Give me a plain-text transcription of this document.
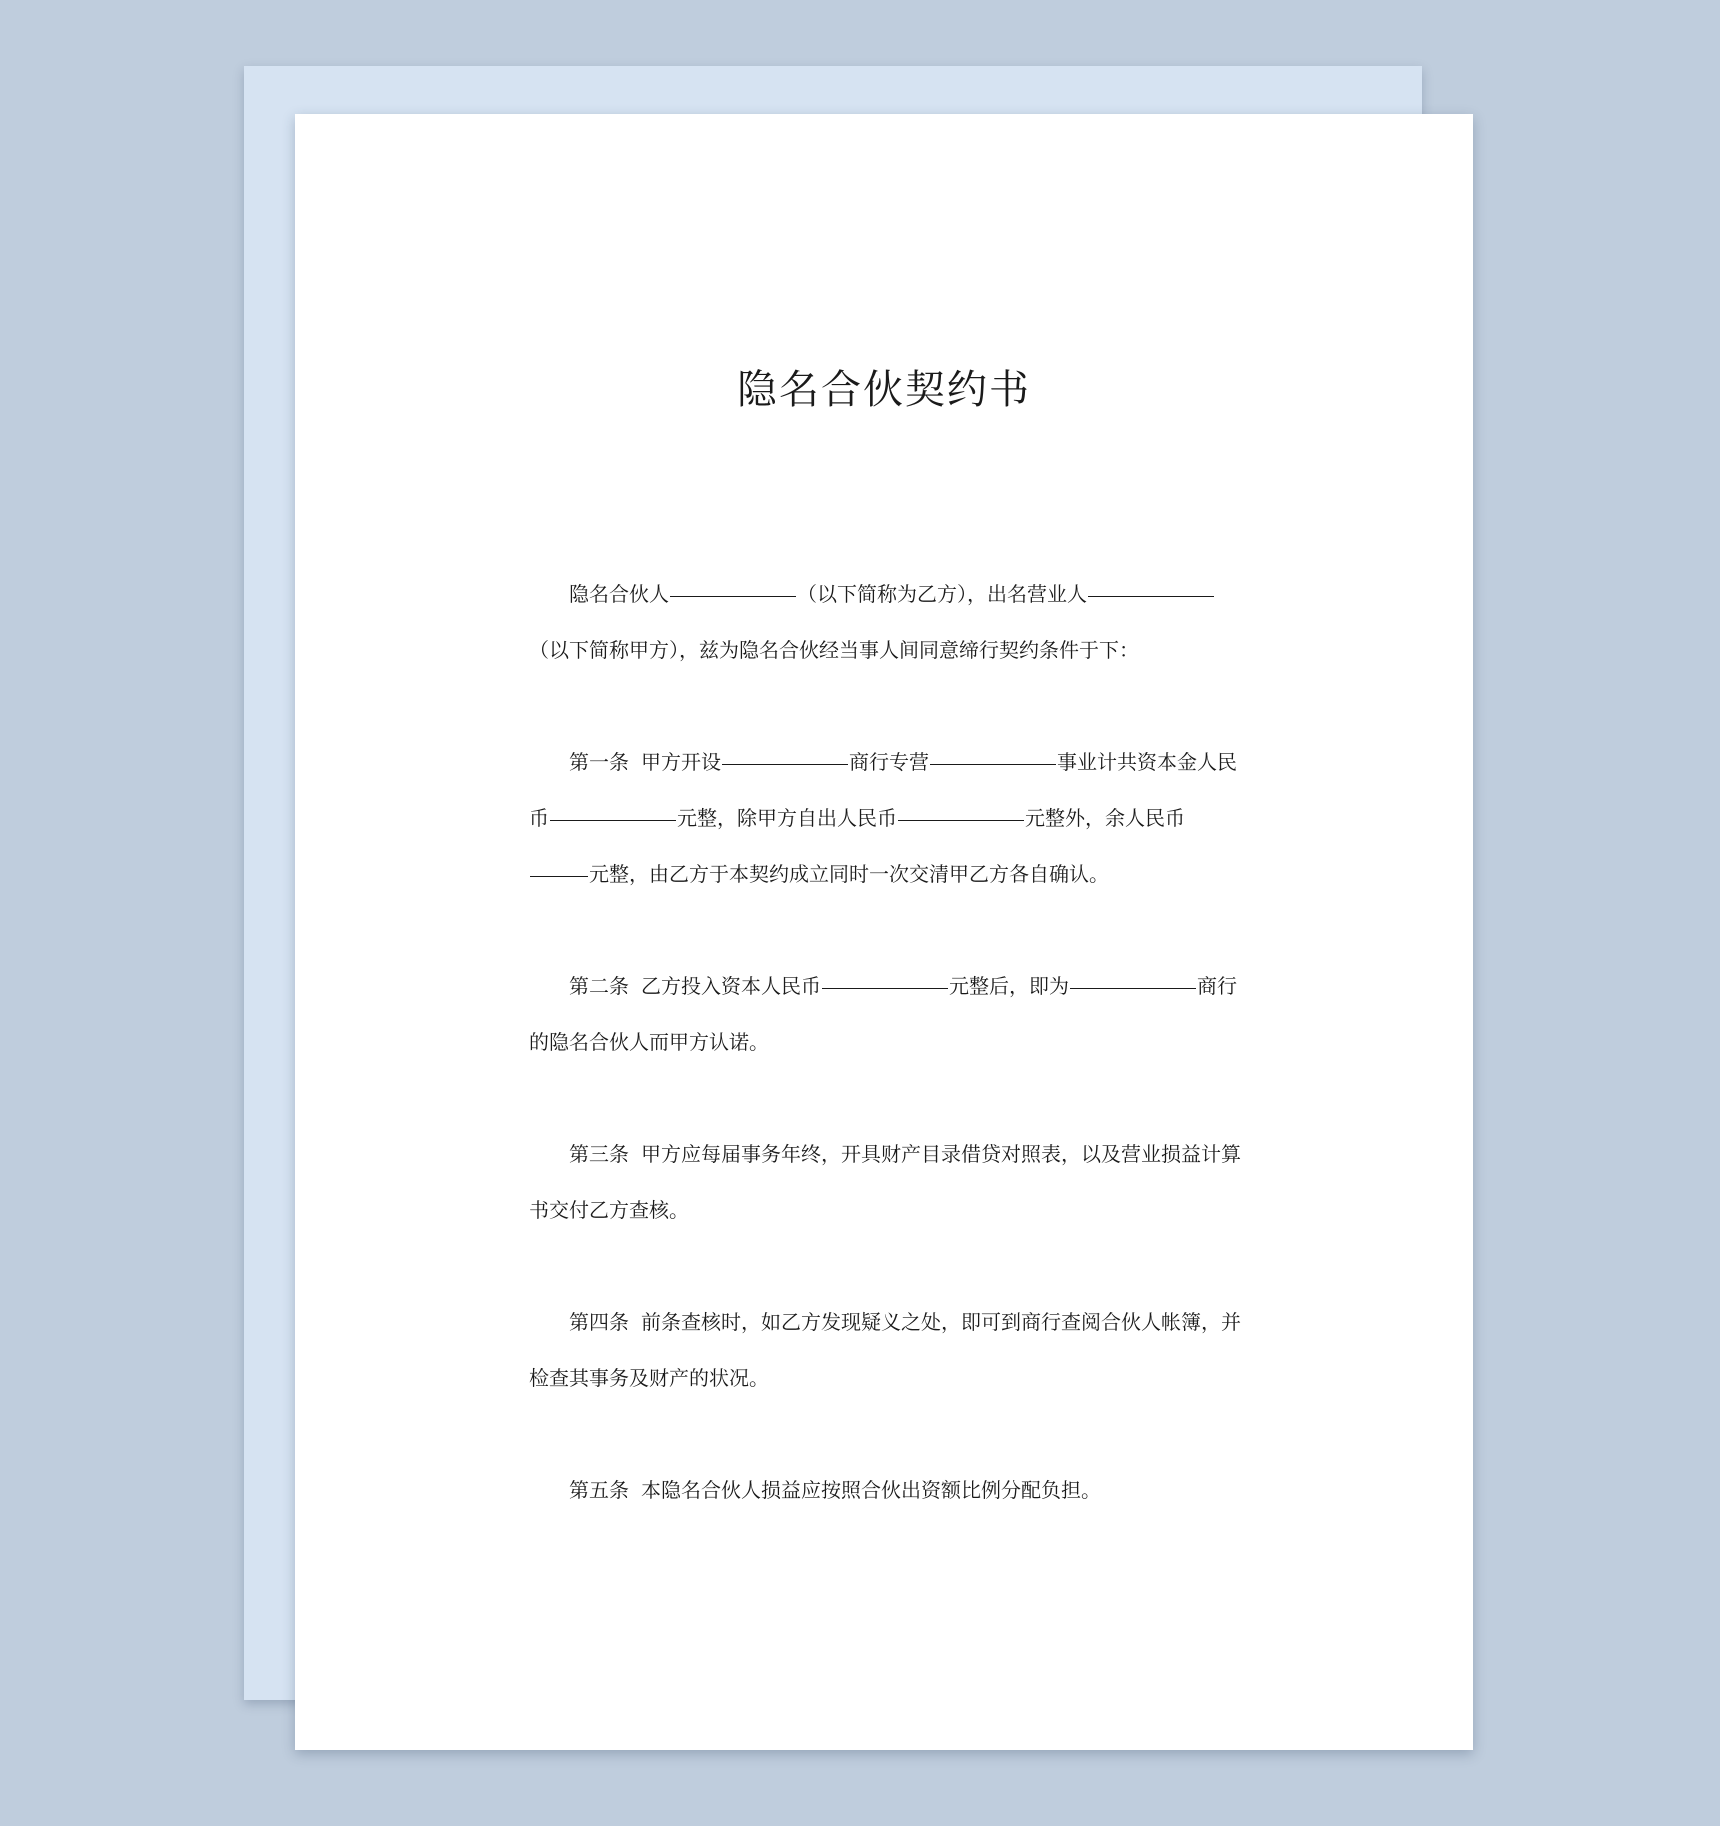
隐名合伙契约书

隐名合伙人	（以下简称为乙方），出名营业人（以下简称甲方），兹为隐名合伙经当事人间同意缔行契约条件于下：

第一条 甲方开设	商行专营	事业计共资本金人民币	元整，除甲方自出人民币	元整外，余人民币元整，由乙方于本契约成立同时一次交清甲乙方各自确认。

第二条 乙方投入资本人民币	元整后，即为	商行的隐名合伙人而甲方认诺。

第三条 甲方应每届事务年终，开具财产目录借贷对照表，以及营业损益计算书交付乙方查核。

第四条 前条查核时，如乙方发现疑义之处，即可到商行查阅合伙人帐簿，并检查其事务及财产的状况。

第五条 本隐名合伙人损益应按照合伙出资额比例分配负担。
